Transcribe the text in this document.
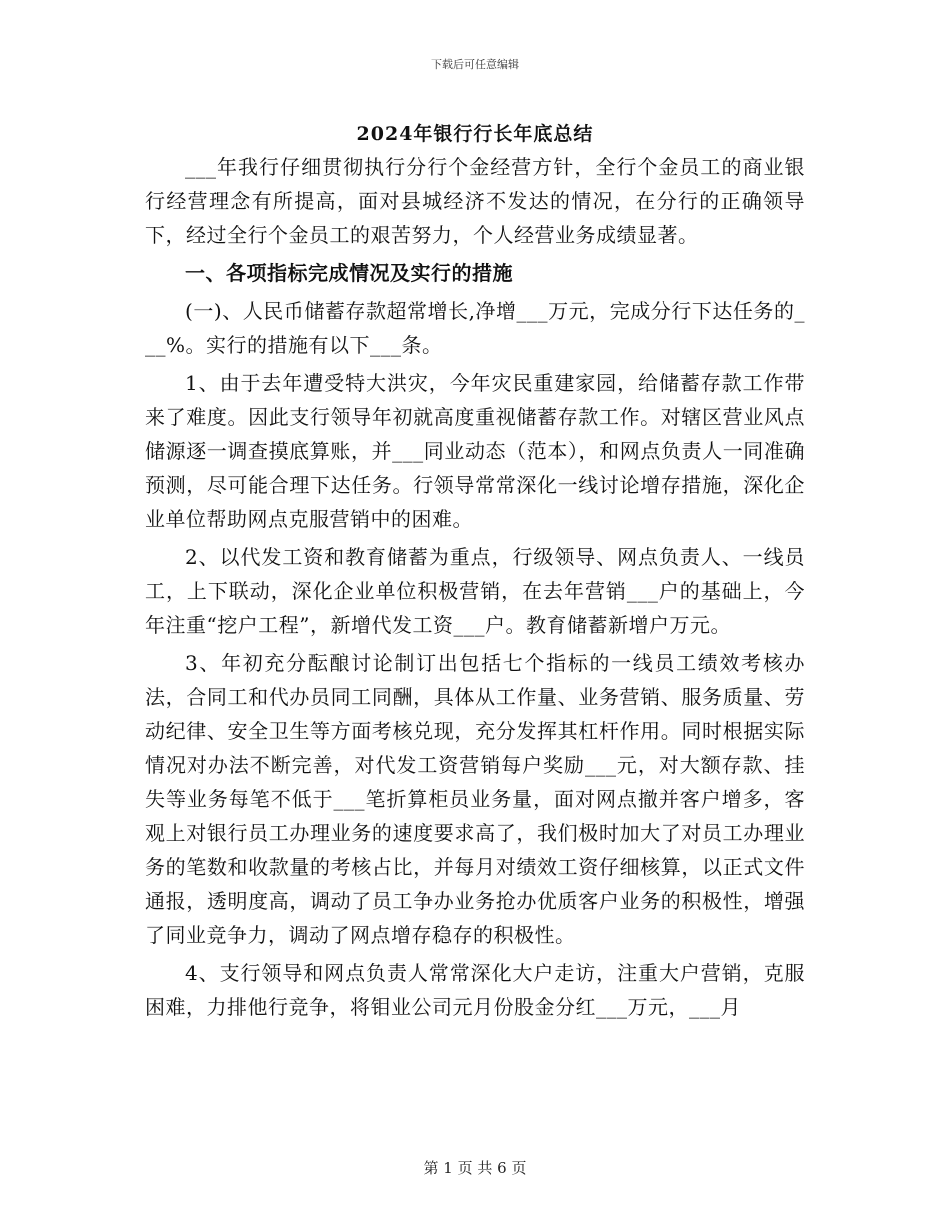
下载后可任意编辑
2024年银行行长年底总结

___年我行仔细贯彻执行分行个金经营方针，全行个金员工的商业银行经营理念有所提高，面对县城经济不发达的情况，在分行的正确领导下，经过全行个金员工的艰苦努力，个人经营业务成绩显著。

一、各项指标完成情况及实行的措施

(一)、人民币储蓄存款超常增长,净增___万元，完成分行下达任务的___%。实行的措施有以下___条。

1、由于去年遭受特大洪灾，今年灾民重建家园，给储蓄存款工作带来了难度。因此支行领导年初就高度重视储蓄存款工作。对辖区营业风点储源逐一调查摸底算账，并___同业动态（范本），和网点负责人一同准确预测，尽可能合理下达任务。行领导常常深化一线讨论增存措施，深化企业单位帮助网点克服营销中的困难。

2、以代发工资和教育储蓄为重点，行级领导、网点负责人、一线员工，上下联动，深化企业单位积极营销，在去年营销___户的基础上，今年注重“挖户工程”，新增代发工资___户。教育储蓄新增户万元。

3、年初充分酝酿讨论制订出包括七个指标的一线员工绩效考核办法，合同工和代办员同工同酬，具体从工作量、业务营销、服务质量、劳动纪律、安全卫生等方面考核兑现，充分发挥其杠杆作用。同时根据实际情况对办法不断完善，对代发工资营销每户奖励___元，对大额存款、挂失等业务每笔不低于___笔折算柜员业务量，面对网点撤并客户增多，客观上对银行员工办理业务的速度要求高了，我们极时加大了对员工办理业务的笔数和收款量的考核占比，并每月对绩效工资仔细核算，以正式文件通报，透明度高，调动了员工争办业务抢办优质客户业务的积极性，增强了同业竞争力，调动了网点增存稳存的积极性。

4、支行领导和网点负责人常常深化大户走访，注重大户营销，克服困难，力排他行竞争，将钼业公司元月份股金分红___万元，___月

第 1 页 共 6 页
